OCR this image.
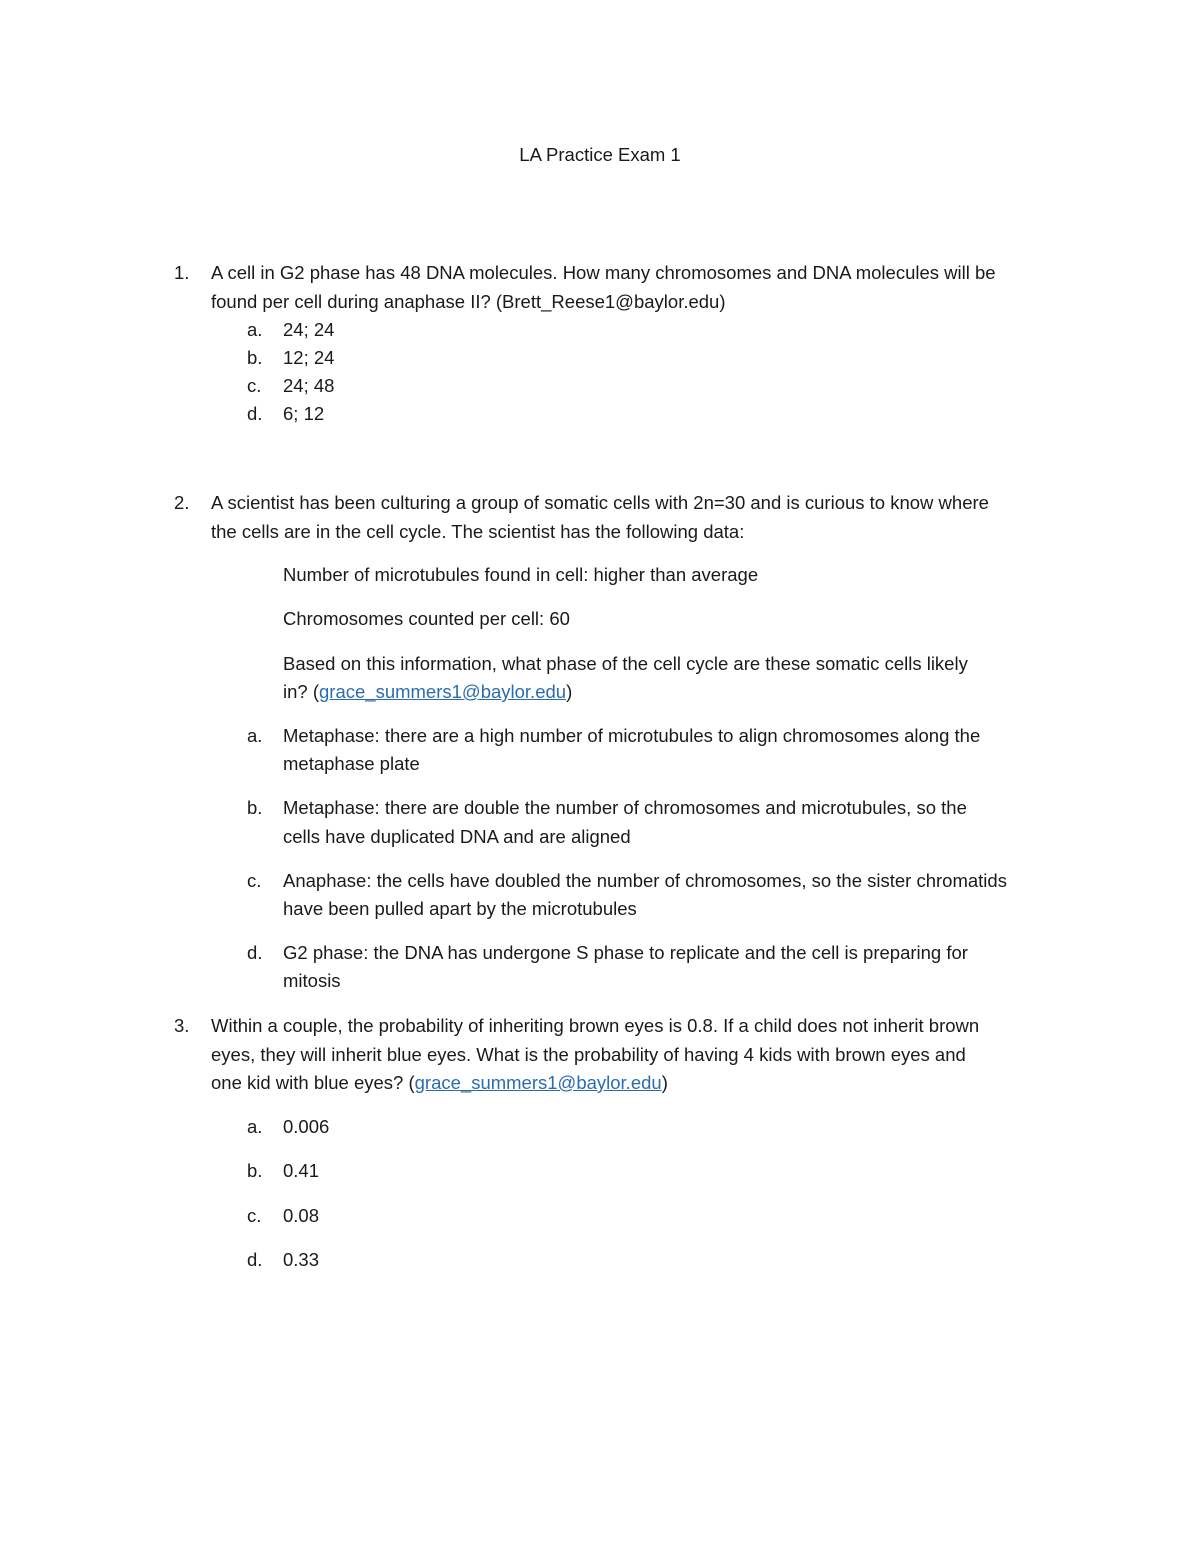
LA Practice Exam 1
1. A cell in G2 phase has 48 DNA molecules. How many chromosomes and DNA molecules will be
found per cell during anaphase II? (Brett_Reese1@baylor.edu)
a. 24; 24
b. 12; 24
c. 24; 48
d. 6; 12
2. A scientist has been culturing a group of somatic cells with 2n=30 and is curious to know where
the cells are in the cell cycle. The scientist has the following data:
Number of microtubules found in cell: higher than average
Chromosomes counted per cell: 60
Based on this information, what phase of the cell cycle are these somatic cells likely
in? (grace_summers1@baylor.edu)
a. Metaphase: there are a high number of microtubules to align chromosomes along the
metaphase plate
b. Metaphase: there are double the number of chromosomes and microtubules, so the
cells have duplicated DNA and are aligned
c. Anaphase: the cells have doubled the number of chromosomes, so the sister chromatids
have been pulled apart by the microtubules
d. G2 phase: the DNA has undergone S phase to replicate and the cell is preparing for
mitosis
3. Within a couple, the probability of inheriting brown eyes is 0.8. If a child does not inherit brown
eyes, they will inherit blue eyes. What is the probability of having 4 kids with brown eyes and
one kid with blue eyes? (grace_summers1@baylor.edu)
a. 0.006
b. 0.41
c. 0.08
d. 0.33
